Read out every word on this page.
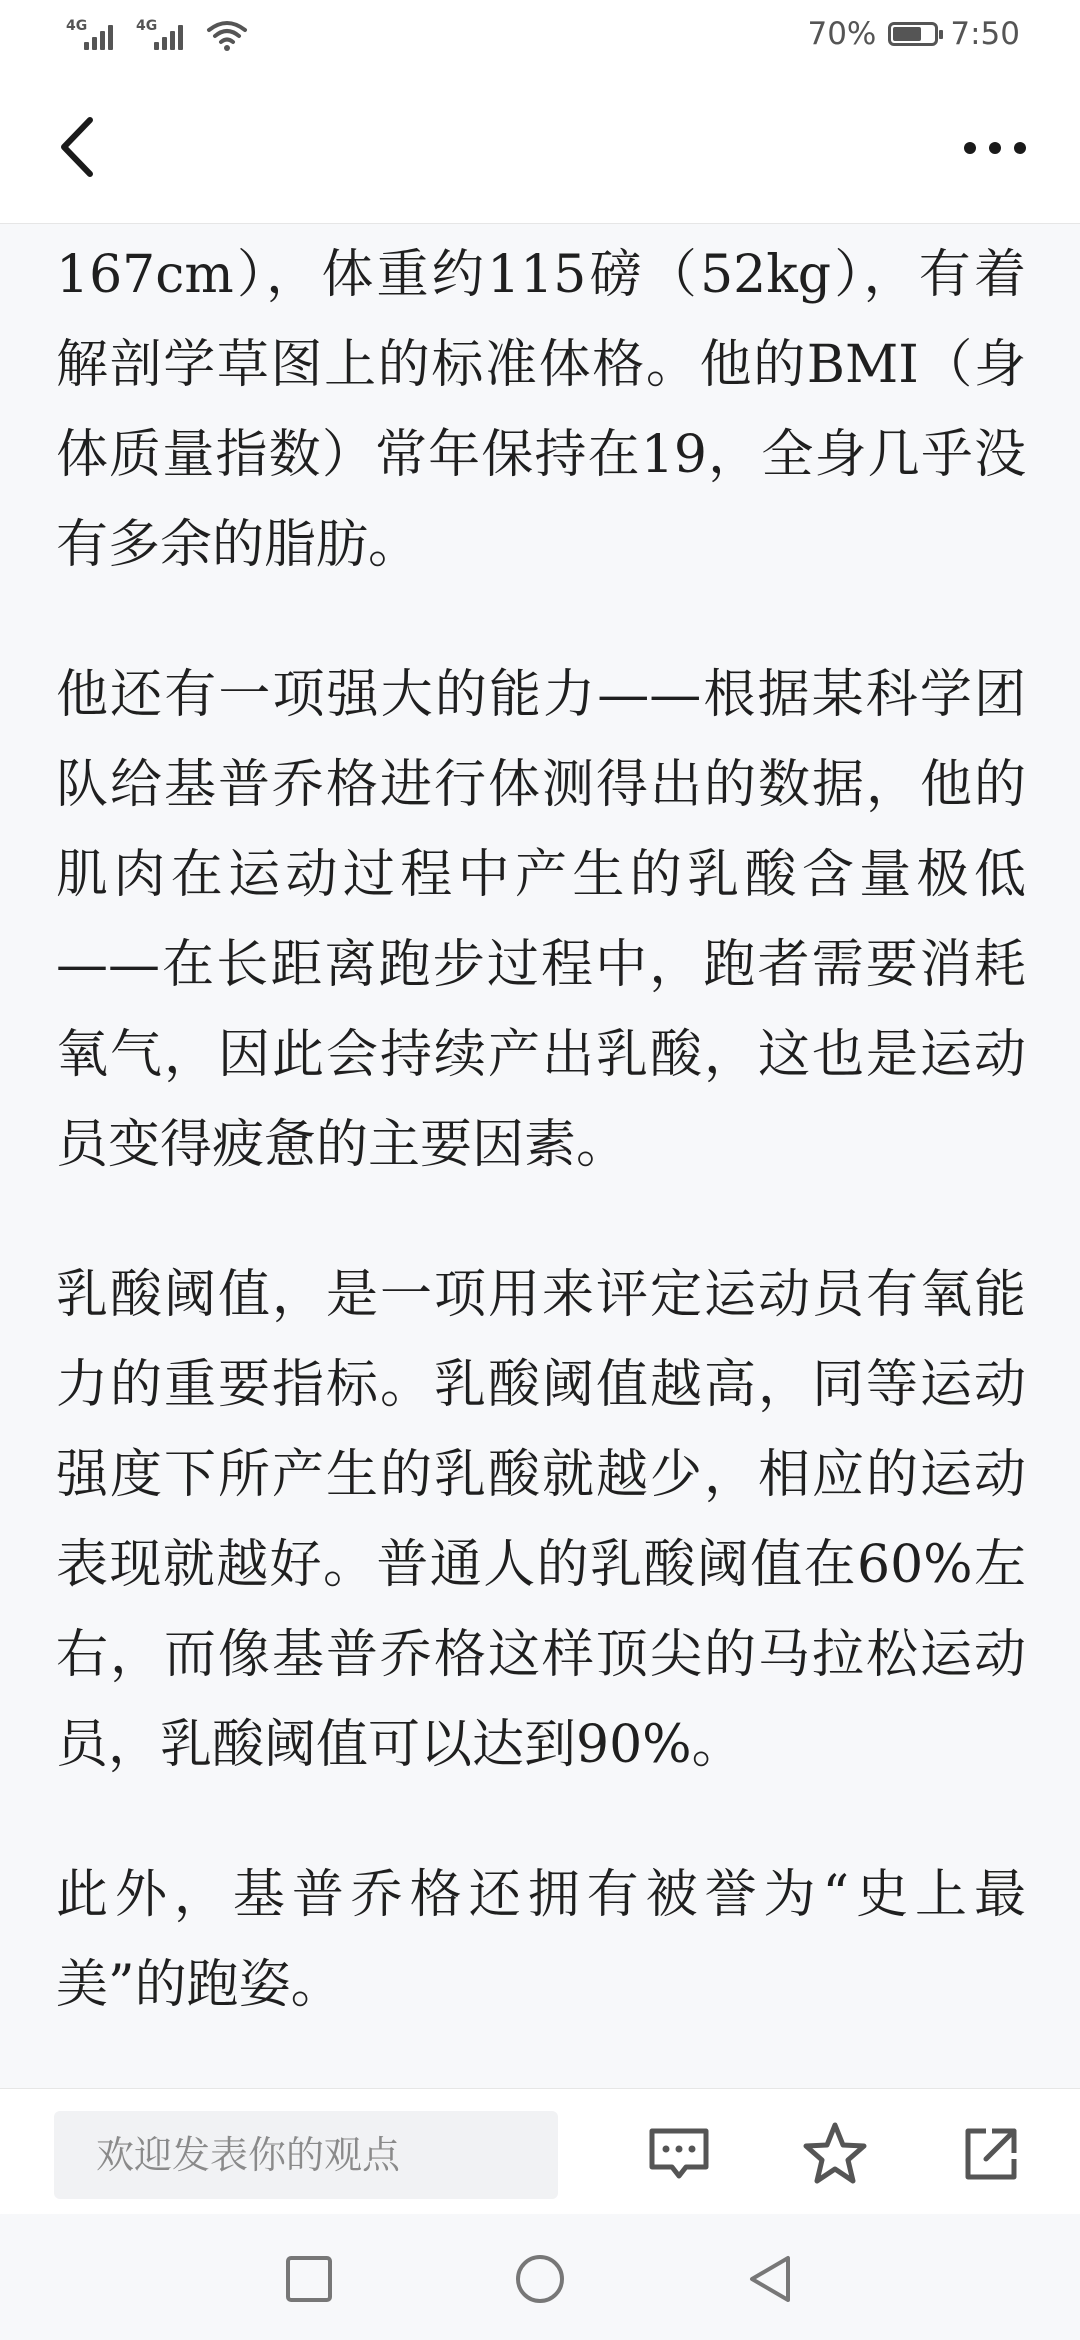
4G	4G	70% 7:50

167cm），体重约115磅（52kg），有着解剖学草图上的标准体格。他的BMI（身体质量指数）常年保持在19，全身几乎没有多余的脂肪。

他还有一项强大的能力——根据某科学团队给基普乔格进行体测得出的数据，他的肌肉在运动过程中产生的乳酸含量极低——在长距离跑步过程中，跑者需要消耗氧气，因此会持续产出乳酸，这也是运动员变得疲惫的主要因素。

乳酸阈值，是一项用来评定运动员有氧能力的重要指标。乳酸阈值越高，同等运动强度下所产生的乳酸就越少，相应的运动表现就越好。普通人的乳酸阈值在60%左右，而像基普乔格这样顶尖的马拉松运动员，乳酸阈值可以达到90%。

此外，基普乔格还拥有被誉为“史上最美”的跑姿。

欢迎发表你的观点
